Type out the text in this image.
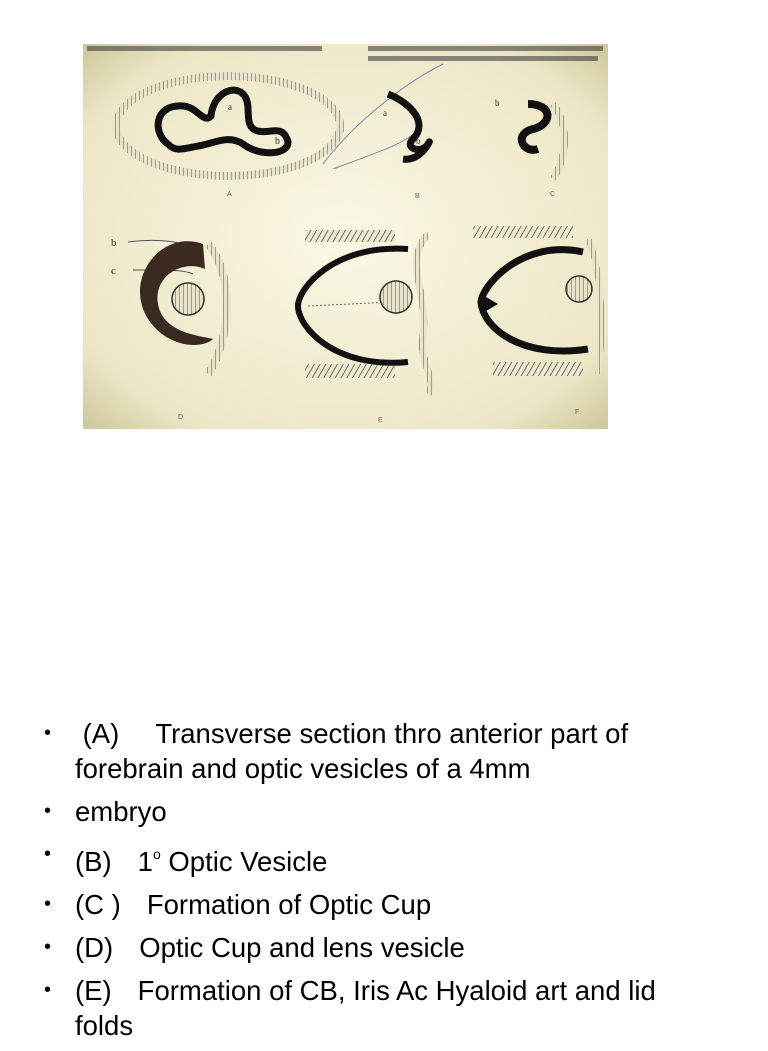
a
b
A
a
b
B
b
C
b
c
D	E
F
• (A) Transverse section thro anterior part of
forebrain and optic vesicles of a 4mm
• embryo
• (B) 1$^o$ Optic Vesicle
• (C ) Formation of Optic Cup
• (D) Optic Cup and lens vesicle
• (E) Formation of CB, Iris Ac Hyaloid art and lid
folds
